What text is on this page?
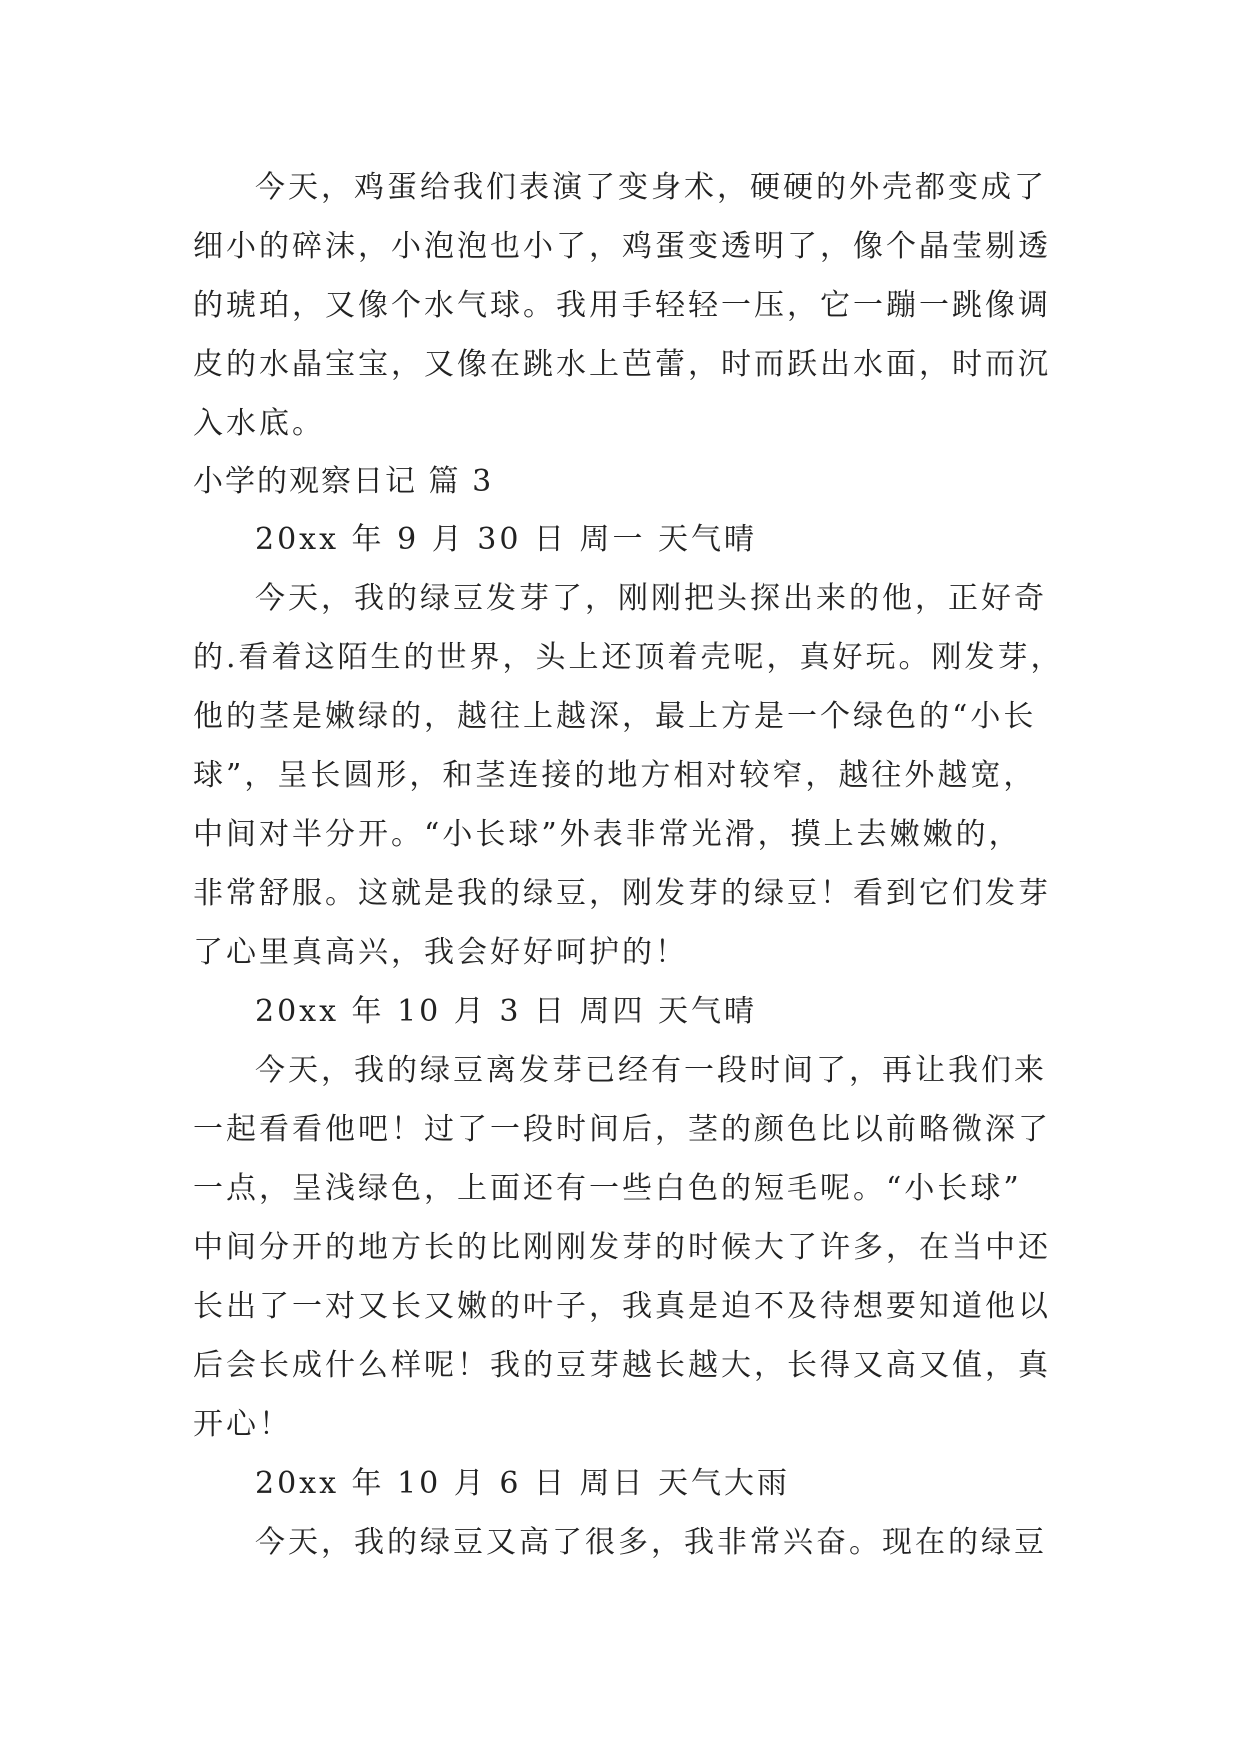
今天，鸡蛋给我们表演了变身术，硬硬的外壳都变成了
细小的碎沫，小泡泡也小了，鸡蛋变透明了，像个晶莹剔透
的琥珀，又像个水气球。我用手轻轻一压，它一蹦一跳像调
皮的水晶宝宝，又像在跳水上芭蕾，时而跃出水面，时而沉
入水底。
小学的观察日记 篇 3
20xx 年 9 月 30 日 周一 天气晴
今天，我的绿豆发芽了，刚刚把头探出来的他，正好奇
的.看着这陌生的世界，头上还顶着壳呢，真好玩。刚发芽，
他的茎是嫩绿的，越往上越深，最上方是一个绿色的“小长
球”，呈长圆形，和茎连接的地方相对较窄，越往外越宽，
中间对半分开。“小长球”外表非常光滑，摸上去嫩嫩的，
非常舒服。这就是我的绿豆，刚发芽的绿豆！看到它们发芽
了心里真高兴，我会好好呵护的！
20xx 年 10 月 3 日 周四 天气晴
今天，我的绿豆离发芽已经有一段时间了，再让我们来
一起看看他吧！过了一段时间后，茎的颜色比以前略微深了
一点，呈浅绿色，上面还有一些白色的短毛呢。“小长球”
中间分开的地方长的比刚刚发芽的时候大了许多，在当中还
长出了一对又长又嫩的叶子，我真是迫不及待想要知道他以
后会长成什么样呢！我的豆芽越长越大，长得又高又值，真
开心！
20xx 年 10 月 6 日 周日 天气大雨
今天，我的绿豆又高了很多，我非常兴奋。现在的绿豆
